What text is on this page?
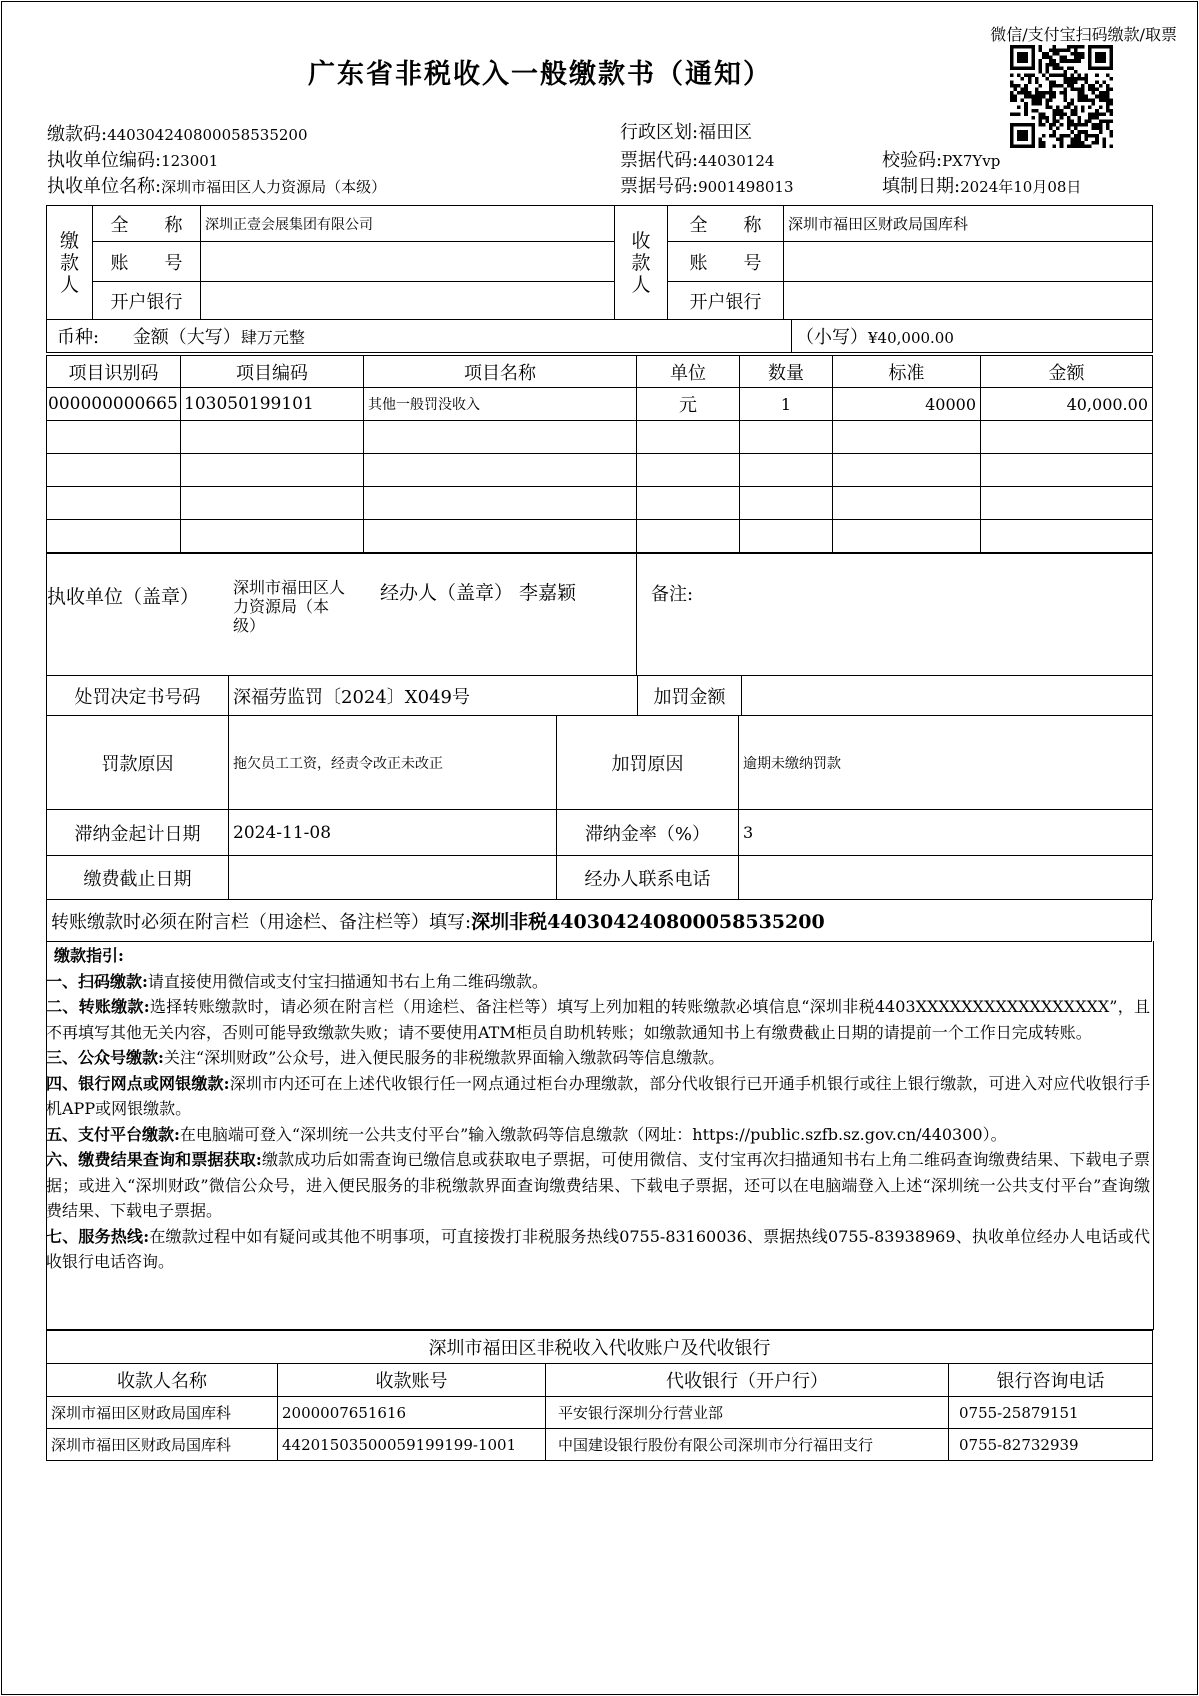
微信/支付宝扫码缴款/取票
广东省非税收入一般缴款书（通知）
缴款码:440304240800058535200	行政区划:福田区
执收单位编码:123001	票据代码:44030124	校验码:PX7Yvp
执收单位名称:深圳市福田区人力资源局（本级）	票据号码:9001498013	填制日期:2024年10月08日
缴款人	全　　称	深圳正壹会展集团有限公司	收款人	全　　称	深圳市福田区财政局国库科
	账　　号			账　　号	
	开户银行			开户银行	
币种: 金额（大写）肆万元整	（小写）¥40,000.00
项目识别码	项目编码	项目名称	单位	数量	标准	金额
000000000665	103050199101	其他一般罚没收入	元	1	40000	40,000.00

执收单位（盖章） 深圳市福田区人力资源局（本级）
经办人（盖章） 李嘉颖	备注:
处罚决定书号码	深福劳监罚〔2024〕X049号	加罚金额	
罚款原因	拖欠员工工资，经责令改正未改正	加罚原因	逾期未缴纳罚款
滞纳金起计日期	2024-11-08	滞纳金率（%）	3
缴费截止日期		经办人联系电话	
转账缴款时必须在附言栏（用途栏、备注栏等）填写:深圳非税440304240800058535200

缴款指引:

一、扫码缴款:请直接使用微信或支付宝扫描通知书右上角二维码缴款。

二、转账缴款:选择转账缴款时，请必须在附言栏（用途栏、备注栏等）填写上列加粗的转账缴款必填信息“深圳非税4403XXXXXXXXXXXXXXXXX”，且不再填写其他无关内容，否则可能导致缴款失败；请不要使用ATM柜员自助机转账；如缴款通知书上有缴费截止日期的请提前一个工作日完成转账。

三、公众号缴款:关注“深圳财政”公众号，进入便民服务的非税缴款界面输入缴款码等信息缴款。

四、银行网点或网银缴款:深圳市内还可在上述代收银行任一网点通过柜台办理缴款，部分代收银行已开通手机银行或往上银行缴款，可进入对应代收银行手机APP或网银缴款。

五、支付平台缴款:在电脑端可登入“深圳统一公共支付平台”输入缴款码等信息缴款（网址：https://public.szfb.sz.gov.cn/440300）。

六、缴费结果查询和票据获取:缴款成功后如需查询已缴信息或获取电子票据，可使用微信、支付宝再次扫描通知书右上角二维码查询缴费结果、下载电子票据；或进入“深圳财政”微信公众号，进入便民服务的非税缴款界面查询缴费结果、下载电子票据，还可以在电脑端登入上述“深圳统一公共支付平台”查询缴费结果、下载电子票据。

七、服务热线:在缴款过程中如有疑问或其他不明事项，可直接拨打非税服务热线0755-83160036、票据热线0755-83938969、执收单位经办人电话或代收银行电话咨询。

深圳市福田区非税收入代收账户及代收银行			
收款人名称	收款账号	代收银行（开户行）	银行咨询电话
深圳市福田区财政局国库科	2000007651616	平安银行深圳分行营业部	0755-25879151
深圳市福田区财政局国库科	44201503500059199199-1001	中国建设银行股份有限公司深圳市分行福田支行	0755-82732939
